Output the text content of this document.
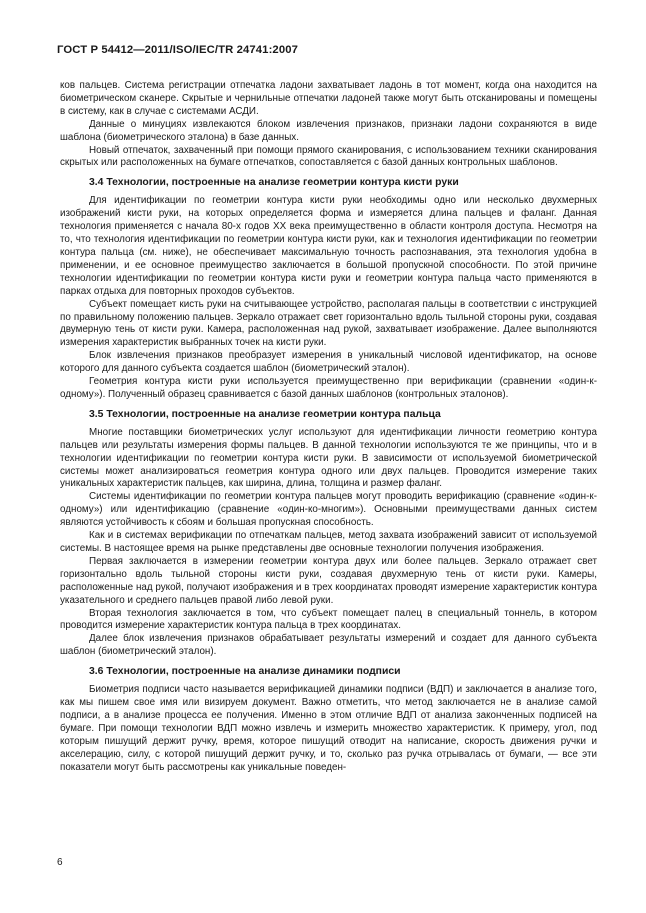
ГОСТ Р 54412—2011/ISO/IEC/TR 24741:2007

ков пальцев. Система регистрации отпечатка ладони захватывает ладонь в тот момент, когда она находится на биометрическом сканере. Скрытые и чернильные отпечатки ладоней также могут быть отсканированы и помещены в систему, как в случае с системами АСДИ.

Данные о минуциях извлекаются блоком извлечения признаков, признаки ладони сохраняются в виде шаблона (биометрического эталона) в базе данных.

Новый отпечаток, захваченный при помощи прямого сканирования, с использованием техники сканирования скрытых или расположенных на бумаге отпечатков, сопоставляется с базой данных контрольных шаблонов.

3.4 Технологии, построенные на анализе геометрии контура кисти руки

Для идентификации по геометрии контура кисти руки необходимы одно или несколько двухмерных изображений кисти руки, на которых определяется форма и измеряется длина пальцев и фаланг. Данная технология применяется с начала 80-х годов XX века преимущественно в области контроля доступа. Несмотря на то, что технология идентификации по геометрии контура кисти руки, как и технология идентификации по геометрии контура пальца (см. ниже), не обеспечивает максимальную точность распознавания, эта технология удобна в применении, и ее основное преимущество заключается в большой пропускной способности. По этой причине технологии идентификации по геометрии контура кисти руки и геометрии контура пальца часто применяются в парках отдыха для повторных проходов субъектов.

Субъект помещает кисть руки на считывающее устройство, располагая пальцы в соответствии с инструкцией по правильному положению пальцев. Зеркало отражает свет горизонтально вдоль тыльной стороны руки, создавая двумерную тень от кисти руки. Камера, расположенная над рукой, захватывает изображение. Далее выполняются измерения характеристик выбранных точек на кисти руки.

Блок извлечения признаков преобразует измерения в уникальный числовой идентификатор, на основе которого для данного субъекта создается шаблон (биометрический эталон).

Геометрия контура кисти руки используется преимущественно при верификации (сравнении «один-к-одному»). Полученный образец сравнивается с базой данных шаблонов (контрольных эталонов).

3.5 Технологии, построенные на анализе геометрии контура пальца

Многие поставщики биометрических услуг используют для идентификации личности геометрию контура пальцев или результаты измерения формы пальцев. В данной технологии используются те же принципы, что и в технологии идентификации по геометрии контура кисти руки. В зависимости от используемой биометрической системы может анализироваться геометрия контура одного или двух пальцев. Проводится измерение таких уникальных характеристик пальцев, как ширина, длина, толщина и размер фаланг.

Системы идентификации по геометрии контура пальцев могут проводить верификацию (сравнение «один-к-одному») или идентификацию (сравнение «один-ко-многим»). Основными преимуществами данных систем являются устойчивость к сбоям и большая пропускная способность.

Как и в системах верификации по отпечаткам пальцев, метод захвата изображений зависит от используемой системы. В настоящее время на рынке представлены две основные технологии получения изображения.

Первая заключается в измерении геометрии контура двух или более пальцев. Зеркало отражает свет горизонтально вдоль тыльной стороны кисти руки, создавая двухмерную тень от кисти руки. Камеры, расположенные над рукой, получают изображения и в трех координатах проводят измерение характеристик контура указательного и среднего пальцев правой либо левой руки.

Вторая технология заключается в том, что субъект помещает палец в специальный тоннель, в котором проводится измерение характеристик контура пальца в трех координатах.

Далее блок извлечения признаков обрабатывает результаты измерений и создает для данного субъекта шаблон (биометрический эталон).

3.6 Технологии, построенные на анализе динамики подписи

Биометрия подписи часто называется верификацией динамики подписи (ВДП) и заключается в анализе того, как мы пишем свое имя или визируем документ. Важно отметить, что метод заключается не в анализе самой подписи, а в анализе процесса ее получения. Именно в этом отличие ВДП от анализа законченных подписей на бумаге. При помощи технологии ВДП можно извлечь и измерить множество характеристик. К примеру, угол, под которым пишущий держит ручку, время, которое пишущий отводит на написание, скорость движения ручки и акселерацию, силу, с которой пишущий держит ручку, и то, сколько раз ручка отрывалась от бумаги, — все эти показатели могут быть рассмотрены как уникальные поведен-

6
